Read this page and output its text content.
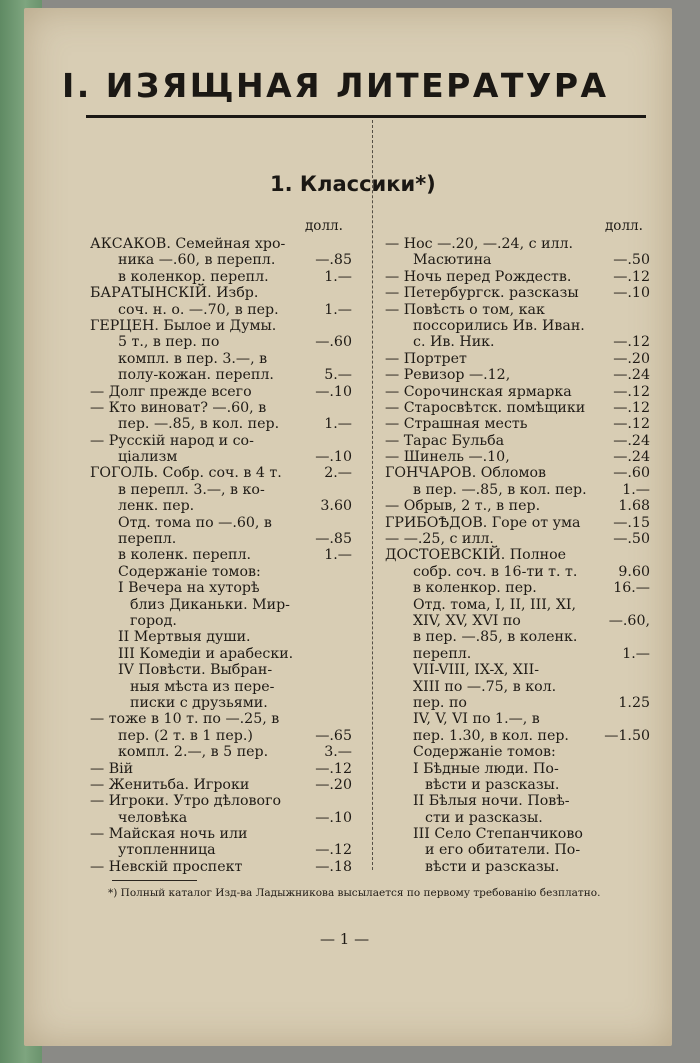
I. ИЗЯЩНАЯ ЛИТЕРАТУРА
1. Классики*)
долл.	долл.
АКСАКОВ. Семейная хро-
ника —.60, в перепл.	—.85
в коленкор. перепл.	1.—
БАРАТЫНСКIЙ. Избр.
соч. н. о. —.70, в пер.	1.—
ГЕРЦЕН. Былое и Думы.
5 т., в пер. по	—.60
компл. в пер. 3.—, в
полу-кожан. перепл.	5.—
— Долг прежде всего	—.10
— Кто виноват? —.60, в
пер. —.85, в кол. пер.	1.—
— Русскiй народ и со-
цiализм	—.10
ГОГОЛЬ. Собр. соч. в 4 т.	2.—
в перепл. 3.—, в ко-
ленк. пер.	3.60
Отд. тома по —.60, в
перепл.	—.85
в коленк. перепл.	1.—
Содержанiе томов:
I Вечера на хуторѣ
близ Диканьки. Мир-
город.
II Мертвыя души.
III Комедiи и арабески.
IV Повѣсти. Выбран-
ныя мѣста из пере-
писки с друзьями.
— тоже в 10 т. по —.25, в
пер. (2 т. в 1 пер.)	—.65
компл. 2.—, в 5 пер.	3.—
— Вiй	—.12
— Женитьба. Игроки	—.20
— Игроки. Утро дѣлового
человѣка	—.10
— Майская ночь или
утопленница	—.12
— Невскiй проспект	—.18
— Нос —.20, —.24, с илл.
Масютина	—.50
— Ночь перед Рождеств.	—.12
— Петербургск. разсказы —.10
— Повѣсть о том, как
поссорились Ив. Иван.
с. Ив. Ник.	—.12
— Портрет	—.20
— Ревизор —.12,	—.24
— Сорочинская ярмарка	—.12
— Старосвѣтск. помѣщики —.12
— Страшная месть	—.12
— Тарас Бульба	—.24
— Шинель —.10,	—.24
ГОНЧАРОВ. Обломов	—.60
в пер. —.85, в кол. пер.	1.—
— Обрыв, 2 т., в пер.	1.68
ГРИБОѢДОВ. Горе от ума —.15
— —.25, с илл.	—.50
ДОСТОЕВСКIЙ. Полное
собр. соч. в 16-ти т. т.	9.60
в коленкор. пер.	16.—
Отд. тома, I, II, III, XI,
XIV, XV, XVI по	—.60,
в пер. —.85, в коленк.
перепл.	1.—
VII-VIII, IX-X, XII-
XIII по —.75, в кол.
пер. по	1.25
IV, V, VI по 1.—, в
пер. 1.30, в кол. пер. —1.50
Содержанiе томов:
I Бѣдные люди. По-
вѣсти и разсказы.
II Бѣлыя ночи. Повѣ-
сти и разсказы.
III Село Степанчиково
и его обитатели. По-
вѣсти и разсказы.
*) Полный каталог Изд-ва Ладыжникова высылается по первому требованiю безплатно.
— 1 —
